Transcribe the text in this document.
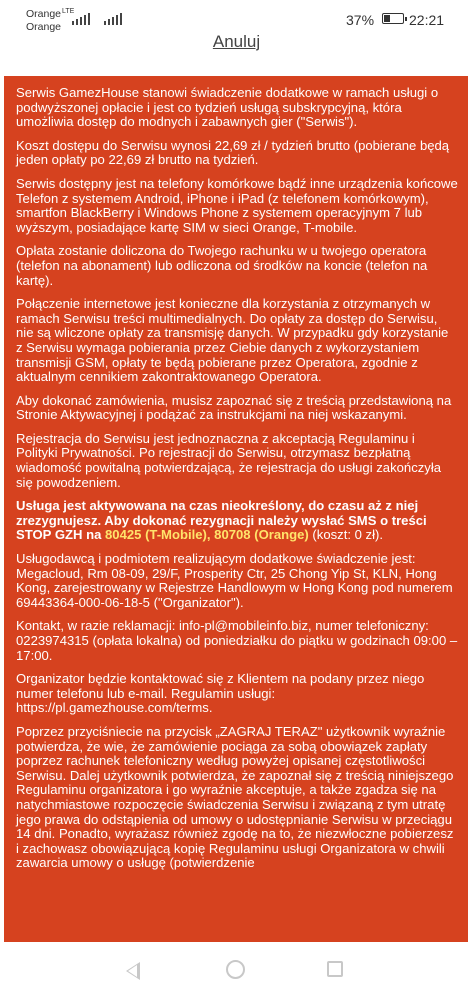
Orange
Orange
LTE
37% 22:21
Anuluj

Serwis GamezHouse stanowi świadczenie dodatkowe w ramach usługi o podwyższonej opłacie i jest co tydzień usługą subskrypcyjną, która umożliwia dostęp do modnych i zabawnych gier ("Serwis").

Koszt dostępu do Serwisu wynosi 22,69 zł / tydzień brutto (pobierane będą jeden opłaty po 22,69 zł brutto na tydzień.

Serwis dostępny jest na telefony komórkowe bądź inne urządzenia końcowe Telefon z systemem Android, iPhone i iPad (z telefonem komórkowym), smartfon BlackBerry i Windows Phone z systemem operacyjnym 7 lub wyższym, posiadające kartę SIM w sieci Orange, T-mobile.

Opłata zostanie doliczona do Twojego rachunku w u twojego operatora (telefon na abonament) lub odliczona od środków na koncie (telefon na kartę).

Połączenie internetowe jest konieczne dla korzystania z otrzymanych w ramach Serwisu treści multimedialnych. Do opłaty za dostęp do Serwisu, nie są wliczone opłaty za transmisję danych. W przypadku gdy korzystanie z Serwisu wymaga pobierania przez Ciebie danych z wykorzystaniem transmisji GSM, opłaty te będą pobierane przez Operatora, zgodnie z aktualnym cennikiem zakontraktowanego Operatora.

Aby dokonać zamówienia, musisz zapoznać się z treścią przedstawioną na Stronie Aktywacyjnej i podążać za instrukcjami na niej wskazanymi.

Rejestracja do Serwisu jest jednoznaczna z akceptacją Regulaminu i Polityki Prywatności. Po rejestracji do Serwisu, otrzymasz bezpłatną wiadomość powitalną potwierdzającą, że rejestracja do usługi zakończyła się powodzeniem.

Usługa jest aktywowana na czas nieokreślony, do czasu aż z niej zrezygnujesz. Aby dokonać rezygnacji należy wysłać SMS o treści STOP GZH na 80425 (T-Mobile), 80708 (Orange) (koszt: 0 zł).

Usługodawcą i podmiotem realizującym dodatkowe świadczenie jest: Megacloud, Rm 08-09, 29/F, Prosperity Ctr, 25 Chong Yip St, KLN, Hong Kong, zarejestrowany w Rejestrze Handlowym w Hong Kong pod numerem 69443364-000-06-18-5 ("Organizator").

Kontakt, w razie reklamacji: info-pl@mobileinfo.biz, numer telefoniczny: 0223974315 (opłata lokalna) od poniedziałku do piątku w godzinach 09:00 – 17:00.

Organizator będzie kontaktować się z Klientem na podany przez niego numer telefonu lub e-mail. Regulamin usługi: https://pl.gamezhouse.com/terms.

Poprzez przyciśniecie na przycisk „ZAGRAJ TERAZ" użytkownik wyraźnie potwierdza, że wie, że zamówienie pociąga za sobą obowiązek zapłaty poprzez rachunek telefoniczny według powyżej opisanej częstotliwości Serwisu. Dalej użytkownik potwierdza, że zapoznał się z treścią niniejszego Regulaminu organizatora i go wyraźnie akceptuje, a także zgadza się na natychmiastowe rozpoczęcie świadczenia Serwisu i związaną z tym utratę jego prawa do odstąpienia od umowy o udostępnianie Serwisu w przeciągu 14 dni. Ponadto, wyrażasz również zgodę na to, że niezwłoczne pobierzesz i zachowasz obowiązującą kopię Regulaminu usługi Organizatora w chwili zawarcia umowy o usługę (potwierdzenie
